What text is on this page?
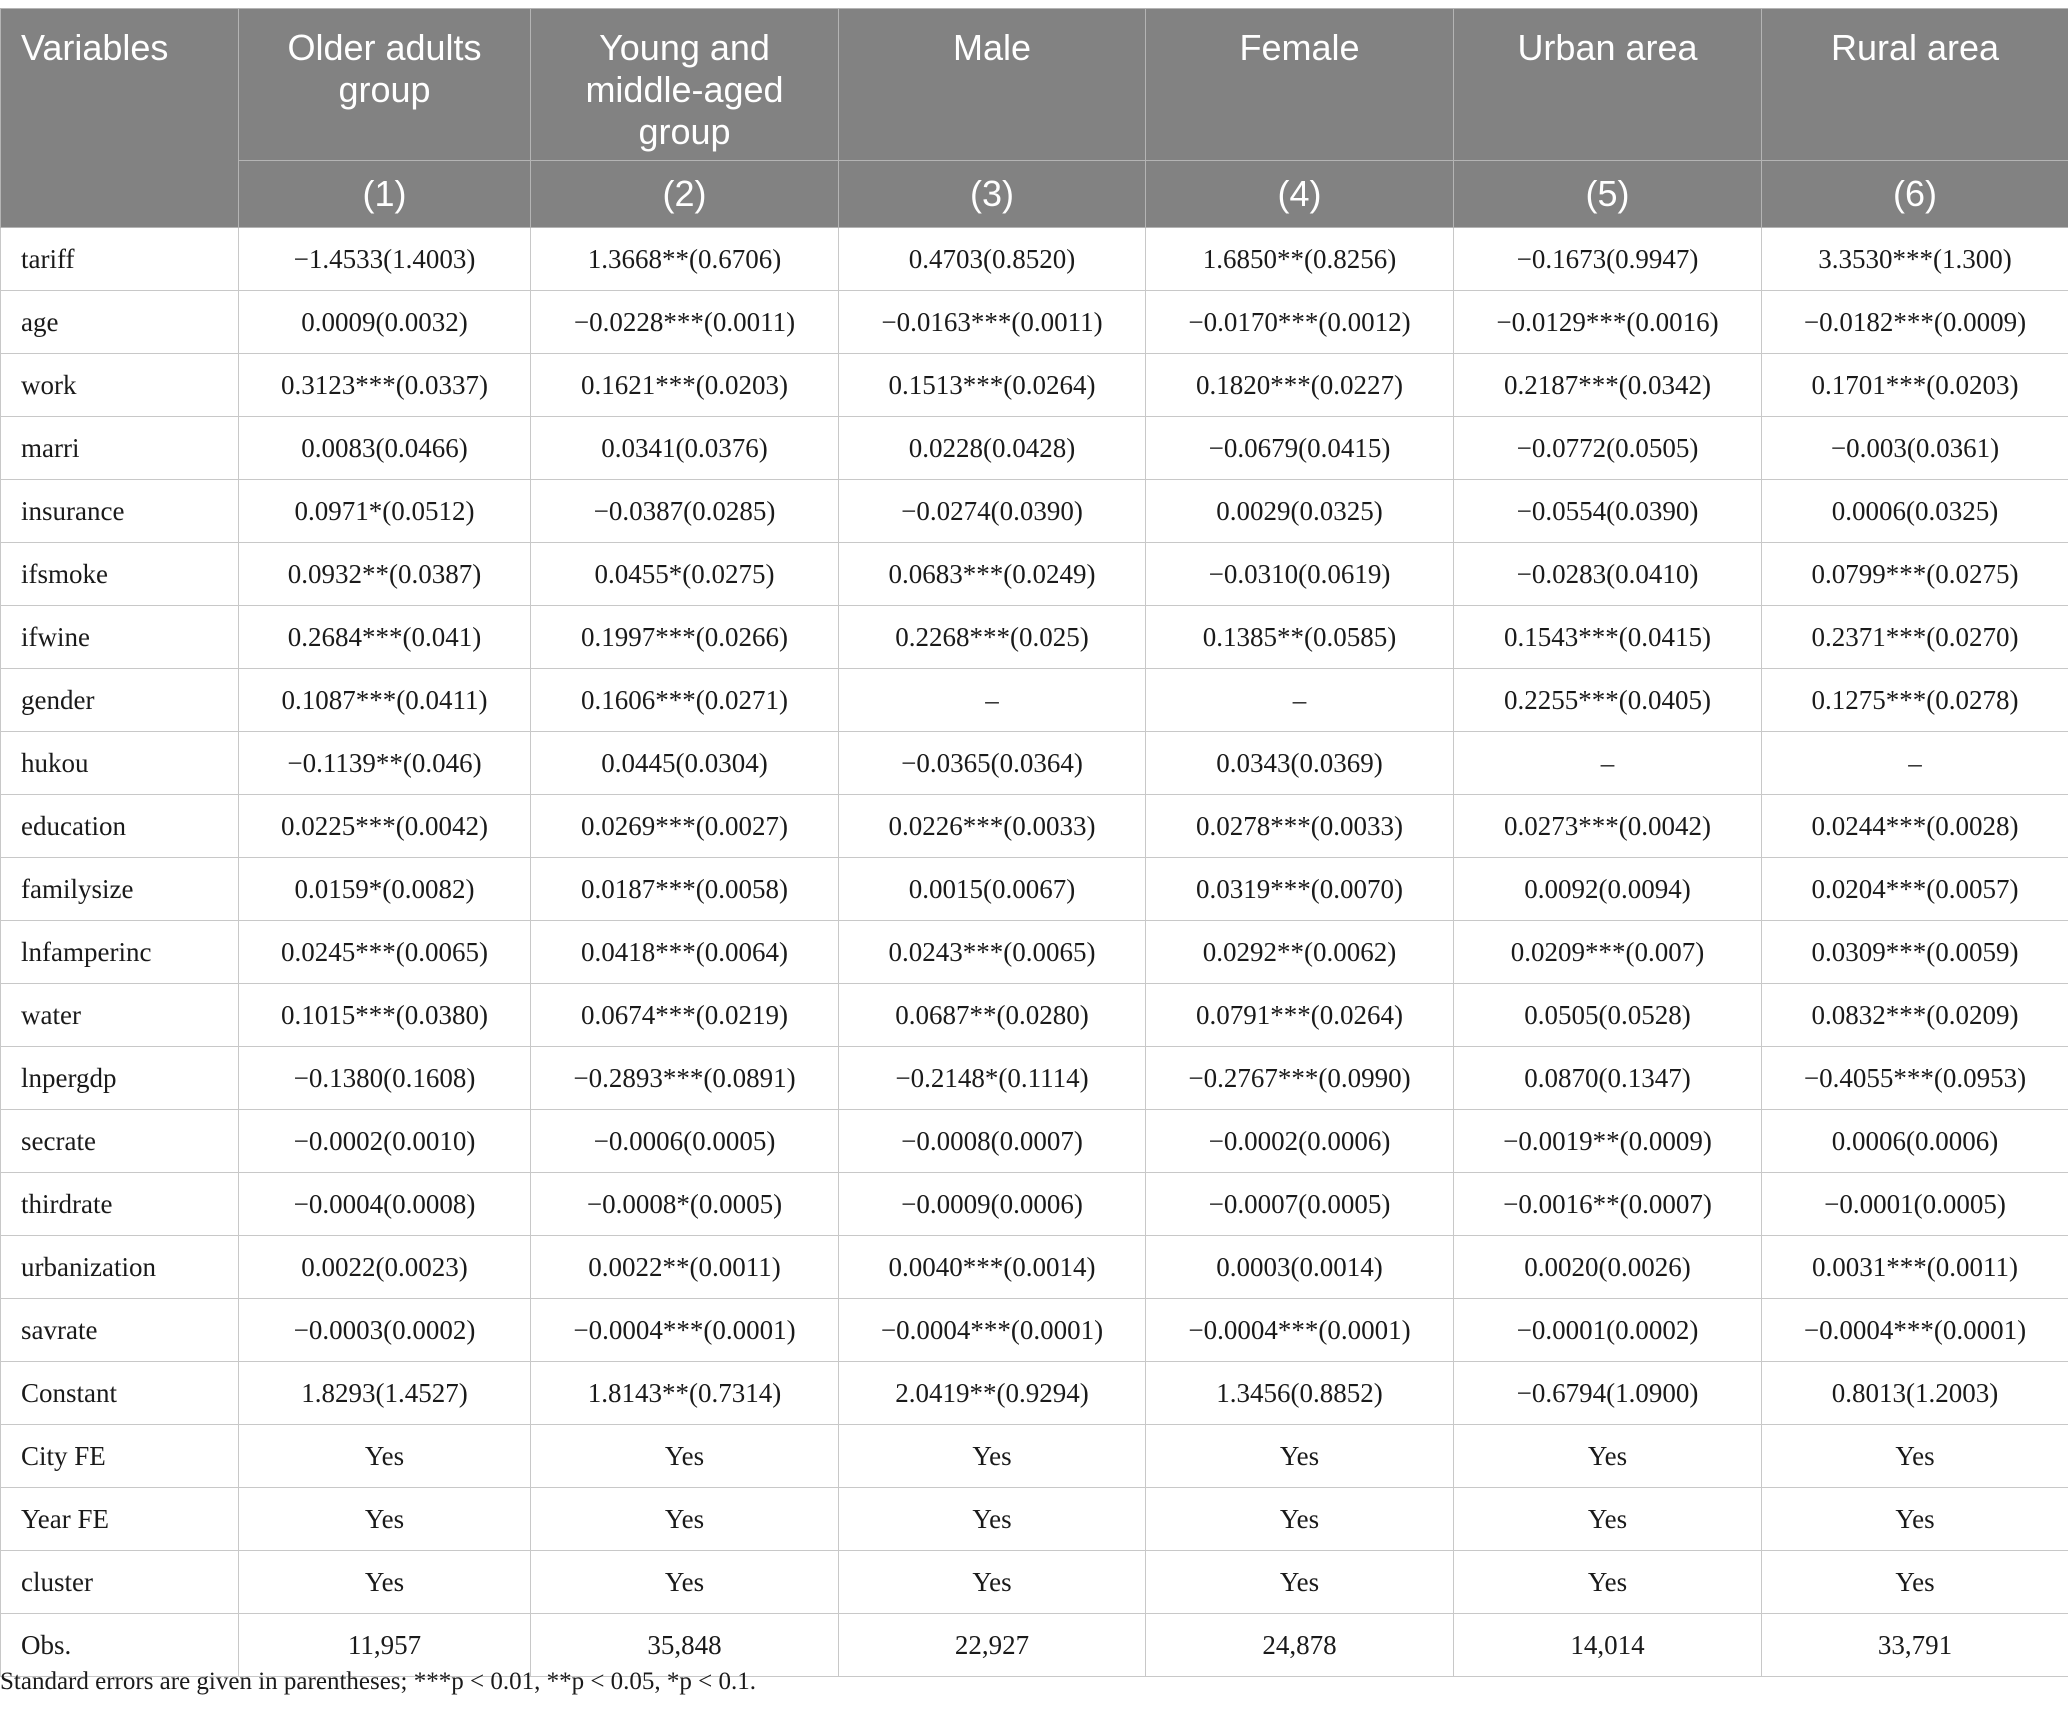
Variables	Older adults group	Young and middle-aged group	Male	Female	Urban area	Rural area
	(1)	(2)	(3)	(4)	(5)	(6)
tariff	−1.4533(1.4003)	1.3668**(0.6706)	0.4703(0.8520)	1.6850**(0.8256)	−0.1673(0.9947)	3.3530***(1.300)
age	0.0009(0.0032)	−0.0228***(0.0011)	−0.0163***(0.0011)	−0.0170***(0.0012)	−0.0129***(0.0016)	−0.0182***(0.0009)
work	0.3123***(0.0337)	0.1621***(0.0203)	0.1513***(0.0264)	0.1820***(0.0227)	0.2187***(0.0342)	0.1701***(0.0203)
marri	0.0083(0.0466)	0.0341(0.0376)	0.0228(0.0428)	−0.0679(0.0415)	−0.0772(0.0505)	−0.003(0.0361)
insurance	0.0971*(0.0512)	−0.0387(0.0285)	−0.0274(0.0390)	0.0029(0.0325)	−0.0554(0.0390)	0.0006(0.0325)
ifsmoke	0.0932**(0.0387)	0.0455*(0.0275)	0.0683***(0.0249)	−0.0310(0.0619)	−0.0283(0.0410)	0.0799***(0.0275)
ifwine	0.2684***(0.041)	0.1997***(0.0266)	0.2268***(0.025)	0.1385**(0.0585)	0.1543***(0.0415)	0.2371***(0.0270)
gender	0.1087***(0.0411)	0.1606***(0.0271)	–	–	0.2255***(0.0405)	0.1275***(0.0278)
hukou	−0.1139**(0.046)	0.0445(0.0304)	−0.0365(0.0364)	0.0343(0.0369)	–	–
education	0.0225***(0.0042)	0.0269***(0.0027)	0.0226***(0.0033)	0.0278***(0.0033)	0.0273***(0.0042)	0.0244***(0.0028)
familysize	0.0159*(0.0082)	0.0187***(0.0058)	0.0015(0.0067)	0.0319***(0.0070)	0.0092(0.0094)	0.0204***(0.0057)
lnfamperinc	0.0245***(0.0065)	0.0418***(0.0064)	0.0243***(0.0065)	0.0292**(0.0062)	0.0209***(0.007)	0.0309***(0.0059)
water	0.1015***(0.0380)	0.0674***(0.0219)	0.0687**(0.0280)	0.0791***(0.0264)	0.0505(0.0528)	0.0832***(0.0209)
lnpergdp	−0.1380(0.1608)	−0.2893***(0.0891)	−0.2148*(0.1114)	−0.2767***(0.0990)	0.0870(0.1347)	−0.4055***(0.0953)
secrate	−0.0002(0.0010)	−0.0006(0.0005)	−0.0008(0.0007)	−0.0002(0.0006)	−0.0019**(0.0009)	0.0006(0.0006)
thirdrate	−0.0004(0.0008)	−0.0008*(0.0005)	−0.0009(0.0006)	−0.0007(0.0005)	−0.0016**(0.0007)	−0.0001(0.0005)
urbanization	0.0022(0.0023)	0.0022**(0.0011)	0.0040***(0.0014)	0.0003(0.0014)	0.0020(0.0026)	0.0031***(0.0011)
savrate	−0.0003(0.0002)	−0.0004***(0.0001)	−0.0004***(0.0001)	−0.0004***(0.0001)	−0.0001(0.0002)	−0.0004***(0.0001)
Constant	1.8293(1.4527)	1.8143**(0.7314)	2.0419**(0.9294)	1.3456(0.8852)	−0.6794(1.0900)	0.8013(1.2003)
City FE	Yes	Yes	Yes	Yes	Yes	Yes
Year FE	Yes	Yes	Yes	Yes	Yes	Yes
cluster	Yes	Yes	Yes	Yes	Yes	Yes
Obs.	11,957	35,848	22,927	24,878	14,014	33,791
Standard errors are given in parentheses; ***p < 0.01, **p < 0.05, *p < 0.1.
